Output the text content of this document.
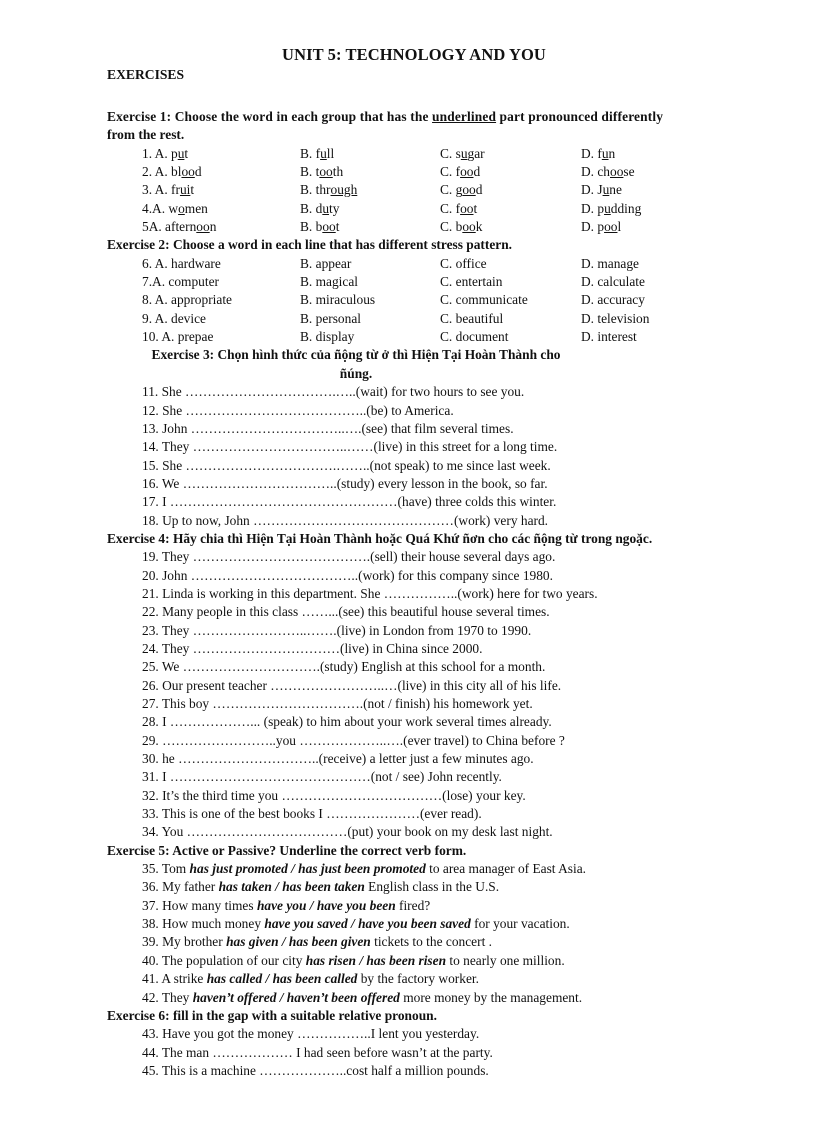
UNIT 5: TECHNOLOGY AND YOU
EXERCISES
Exercise 1: Choose the word in each group that has the underlined part pronounced differently
from the rest.
1. A. put	B. full	C. sugar	D. fun
2. A. blood	B. tooth	C. food	D. choose
3. A. fruit	B. through	C. good	D. June
4.A. women	B. duty	C. foot	D. pudding
5A. afternoon	B. boot	C. book	D. pool
Exercise 2: Choose a word in each line that has different stress pattern.
6. A. hardware	B. appear	C. office	D. manage
7.A. computer	B. magical	C. entertain	D. calculate
8. A. appropriate	B. miraculous	C. communicate	D. accuracy
9. A. device	B. personal	C. beautiful	D. television
10. A. prepae	B. display	C. document	D. interest
Exercise 3: Chọn hình thức của ñộng từ ở thì Hiện Tại Hoàn Thành cho
ñúng.
11. She …………………………….…..(wait) for two hours to see you.
12. She …………………………………..(be) to America.
13. John ……………………………..….(see) that film several times.
14. They ……………………………..……(live) in this street for a long time.
15. She …………………………….……..(not speak) to me since last week.
16. We ……………………………..(study) every lesson in the book, so far.
17. I ……………………………………………(have) three colds this winter.
18. Up to now, John ………………………………………(work) very hard.
Exercise 4: Hãy chia thì Hiện Tại Hoàn Thành hoặc Quá Khứ ñơn cho các ñộng từ trong ngoặc.
19. They ………………………………….(sell) their house several days ago.
20. John ………………………………..(work) for this company since 1980.
21. Linda is working in this department. She ……………..(work) here for two years.
22. Many people in this class ……...(see) this beautiful house several times.
23. They ……………………..…….(live) in London from 1970 to 1990.
24. They ……………………………(live) in China since 2000.
25. We ………………………….(study) English at this school for a month.
26. Our present teacher ……………………..…(live) in this city all of his life.
27. This boy …………………………….(not / finish) his homework yet.
28. I ………………... (speak) to him about your work several times already.
29. ……………………..you ………………..….(ever travel) to China before ?
30. he …………………………..(receive) a letter just a few minutes ago.
31. I ………………………………………(not / see) John recently.
32. It’s the third time you ………………………………(lose) your key.
33. This is one of the best books I …………………(ever read).
34. You ………………………………(put) your book on my desk last night.
Exercise 5: Active or Passive? Underline the correct verb form.
35. Tom has just promoted / has just been promoted to area manager of East Asia.
36. My father has taken / has been taken English class in the U.S.
37. How many times have you / have you been fired?
38. How much money have you saved / have you been saved for your vacation.
39. My brother has given / has been given tickets to the concert .
40. The population of our city has risen / has been risen to nearly one million.
41. A strike has called / has been called by the factory worker.
42. They haven’t offered / haven’t been offered more money by the management.
Exercise 6: fill in the gap with a suitable relative pronoun.
43. Have you got the money ……………..I lent you yesterday.
44. The man ……………… I had seen before wasn’t at the party.
45. This is a machine ………………..cost half a million pounds.
